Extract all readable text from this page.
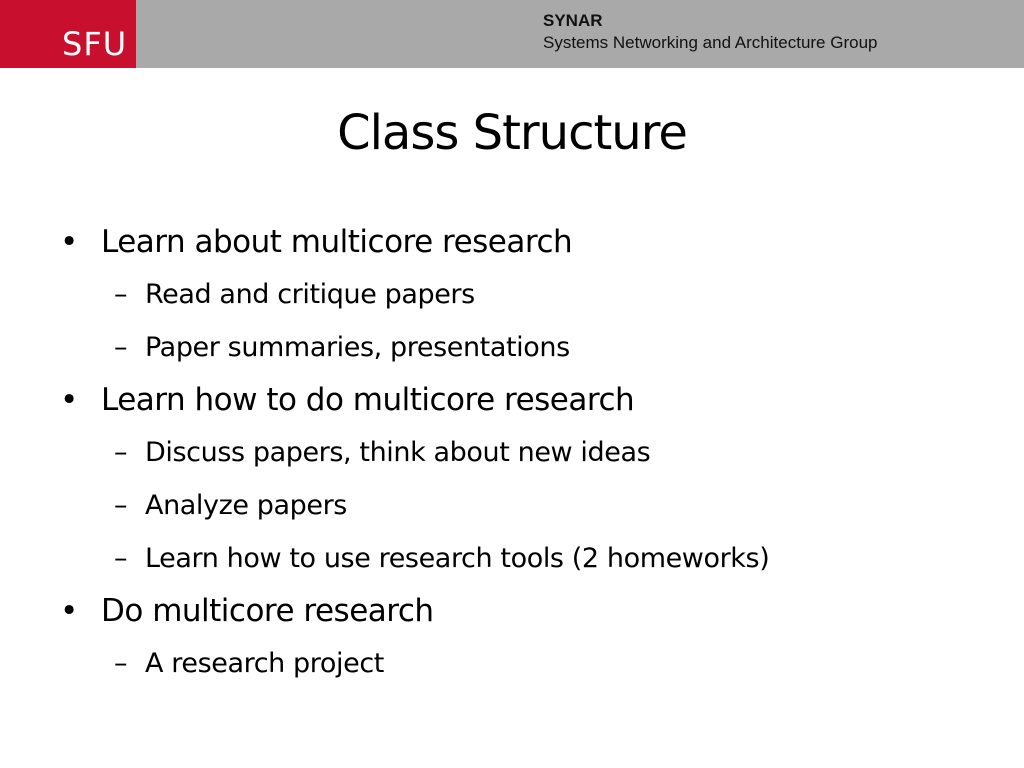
SFU
SYNAR
Systems Networking and Architecture Group
Class Structure
• Learn about multicore research
– Read and critique papers
– Paper summaries, presentations
• Learn how to do multicore research
– Discuss papers, think about new ideas
– Analyze papers
– Learn how to use research tools (2 homeworks)
• Do multicore research
– A research project
